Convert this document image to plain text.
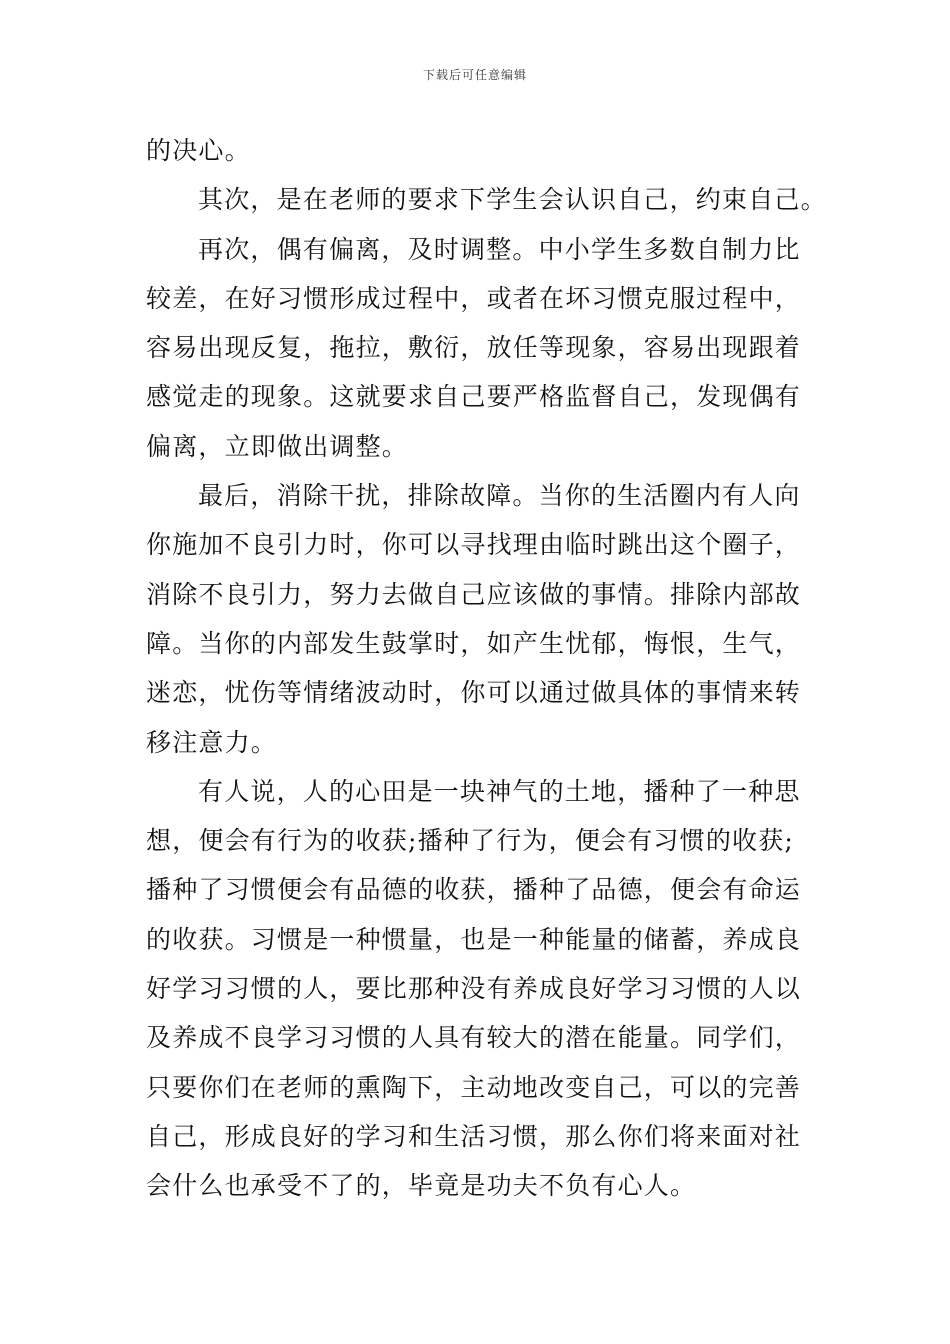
下载后可任意编辑
的决心。
其次，是在老师的要求下学生会认识自己，约束自己。
再次，偶有偏离，及时调整。中小学生多数自制力比
较差，在好习惯形成过程中，或者在坏习惯克服过程中，
容易出现反复，拖拉，敷衍，放任等现象，容易出现跟着
感觉走的现象。这就要求自己要严格监督自己，发现偶有
偏离，立即做出调整。
最后，消除干扰，排除故障。当你的生活圈内有人向
你施加不良引力时，你可以寻找理由临时跳出这个圈子，
消除不良引力，努力去做自己应该做的事情。排除内部故
障。当你的内部发生鼓掌时，如产生忧郁，悔恨，生气，
迷恋，忧伤等情绪波动时，你可以通过做具体的事情来转
移注意力。
有人说，人的心田是一块神气的土地，播种了一种思
想，便会有行为的收获;播种了行为，便会有习惯的收获;
播种了习惯便会有品德的收获，播种了品德，便会有命运
的收获。习惯是一种惯量，也是一种能量的储蓄，养成良
好学习习惯的人，要比那种没有养成良好学习习惯的人以
及养成不良学习习惯的人具有较大的潜在能量。同学们，
只要你们在老师的熏陶下，主动地改变自己，可以的完善
自己，形成良好的学习和生活习惯，那么你们将来面对社
会什么也承受不了的，毕竟是功夫不负有心人。
